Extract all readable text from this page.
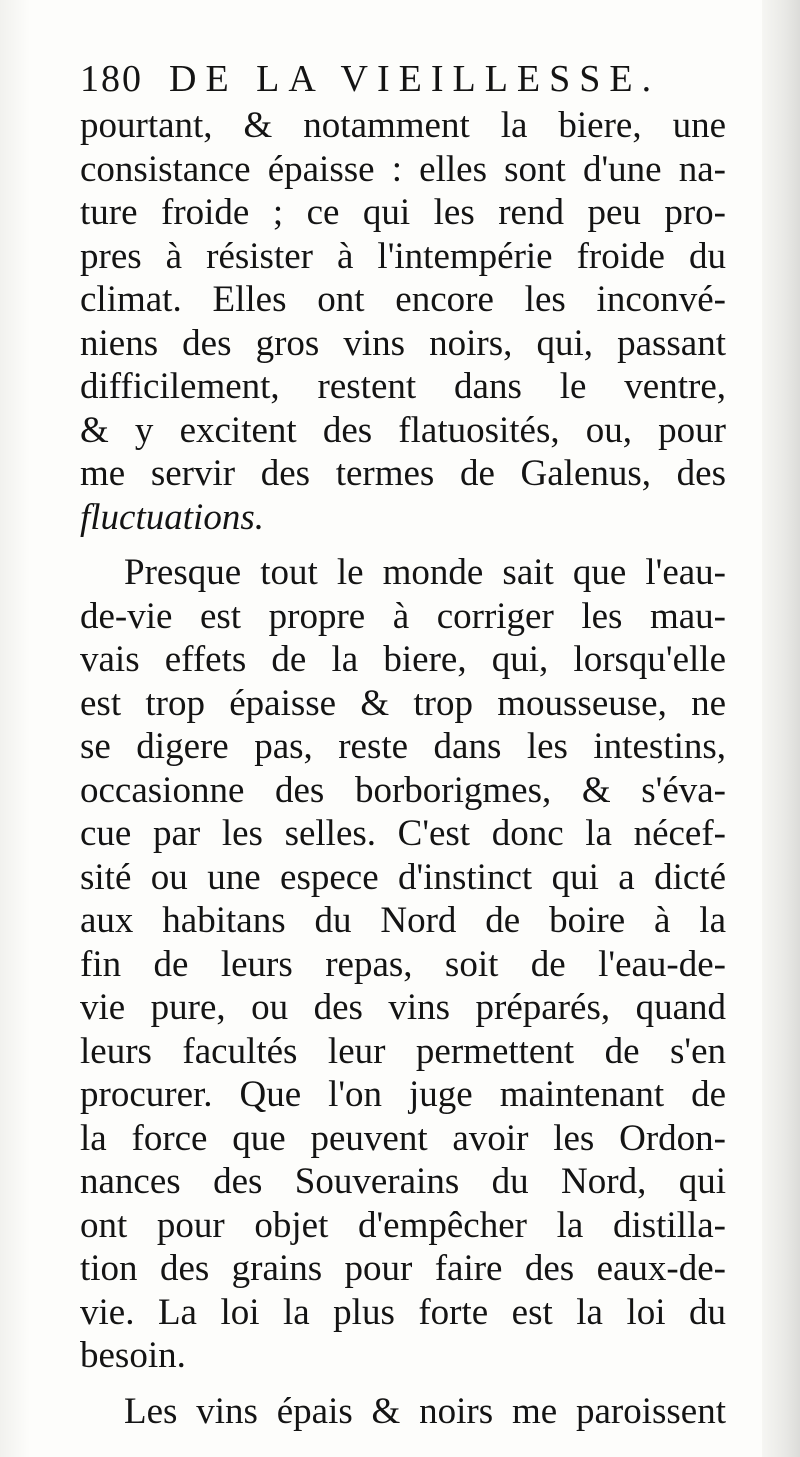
180 DE LA VIEILLESSE.
pourtant, & notamment la biere, une
consistance épaisse : elles sont d'une na-
ture froide ; ce qui les rend peu pro-
pres à résister à l'intempérie froide du
climat. Elles ont encore les inconvé-
niens des gros vins noirs, qui, passant
difficilement, restent dans le ventre,
& y excitent des flatuosités, ou, pour
me servir des termes de Galenus, des
fluctuations.
Presque tout le monde sait que l'eau-
de-vie est propre à corriger les mau-
vais effets de la biere, qui, lorsqu'elle
est trop épaisse & trop mousseuse, ne
se digere pas, reste dans les intestins,
occasionne des borborigmes, & s'éva-
cue par les selles. C'est donc la nécef-
sité ou une espece d'instinct qui a dicté
aux habitans du Nord de boire à la
fin de leurs repas, soit de l'eau-de-
vie pure, ou des vins préparés, quand
leurs facultés leur permettent de s'en
procurer. Que l'on juge maintenant de
la force que peuvent avoir les Ordon-
nances des Souverains du Nord, qui
ont pour objet d'empêcher la distilla-
tion des grains pour faire des eaux-de-
vie. La loi la plus forte est la loi du
besoin.
Les vins épais & noirs me paroissent
